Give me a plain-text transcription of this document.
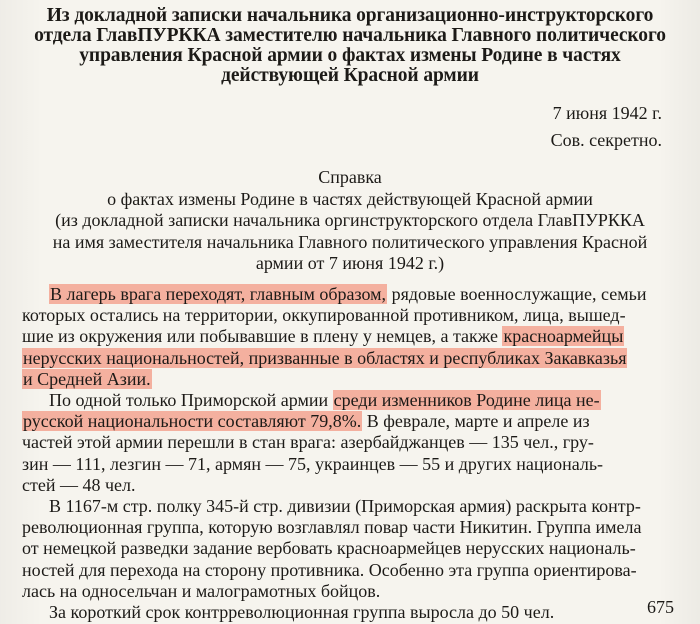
Из докладной записки начальника организационно-инструкторского
отдела ГлавПУРККА заместителю начальника Главного политического
управления Красной армии о фактах измены Родине в частях
действующей Красной армии
7 июня 1942 г.
Сов. секретно.
Справка
о фактах измены Родине в частях действующей Красной армии
(из докладной записки начальника оргинструкторского отдела ГлавПУРККА
на имя заместителя начальника Главного политического управления Красной
армии от 7 июня 1942 г.)
В лагерь врага переходят, главным образом, рядовые военнослужащие, семьи
которых остались на территории, оккупированной противником, лица, вышед-
шие из окружения или побывавшие в плену у немцев, а также красноармейцы
нерусских национальностей, призванные в областях и республиках Закавказья
и Средней Азии.
По одной только Приморской армии среди изменников Родине лица не-
русской национальности составляют 79,8%. В феврале, марте и апреле из
частей этой армии перешли в стан врага: азербайджанцев — 135 чел., гру-
зин — 111, лезгин — 71, армян — 75, украинцев — 55 и других националь-
стей — 48 чел.
В 1167-м стр. полку 345-й стр. дивизии (Приморская армия) раскрыта контр-
революционная группа, которую возглавлял повар части Никитин. Группа имела
от немецкой разведки задание вербовать красноармейцев нерусских националь-
ностей для перехода на сторону противника. Особенно эта группа ориентирова-
лась на односельчан и малограмотных бойцов.
За короткий срок контрреволюционная группа выросла до 50 чел.	675
